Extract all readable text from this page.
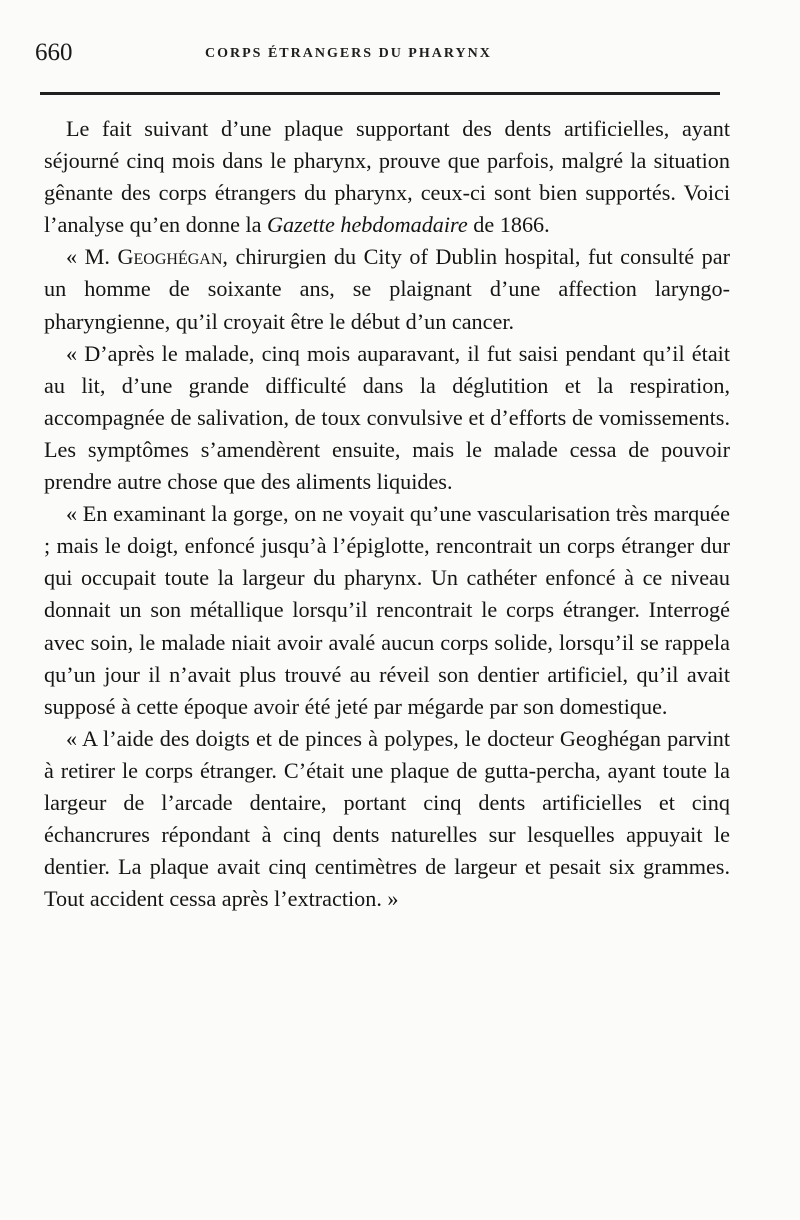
660	CORPS ÉTRANGERS DU PHARYNX

Le fait suivant d’une plaque supportant des dents artificielles, ayant séjourné cinq mois dans le pharynx, prouve que parfois, malgré la situation gênante des corps étrangers du pharynx, ceux-ci sont bien supportés. Voici l’analyse qu’en donne la Gazette hebdomadaire de 1866.

« M. Geoghégan, chirurgien du City of Dublin hospital, fut consulté par un homme de soixante ans, se plaignant d’une affection laryngo-pharyngienne, qu’il croyait être le début d’un cancer.

« D’après le malade, cinq mois auparavant, il fut saisi pendant qu’il était au lit, d’une grande difficulté dans la déglutition et la respiration, accompagnée de salivation, de toux convulsive et d’efforts de vomissements. Les symptômes s’amendèrent ensuite, mais le malade cessa de pouvoir prendre autre chose que des aliments liquides.

« En examinant la gorge, on ne voyait qu’une vascularisation très marquée ; mais le doigt, enfoncé jusqu’à l’épiglotte, rencontrait un corps étranger dur qui occupait toute la largeur du pharynx. Un cathéter enfoncé à ce niveau donnait un son métallique lorsqu’il rencontrait le corps étranger. Interrogé avec soin, le malade niait avoir avalé aucun corps solide, lorsqu’il se rappela qu’un jour il n’avait plus trouvé au réveil son dentier artificiel, qu’il avait supposé à cette époque avoir été jeté par mégarde par son domestique.

« A l’aide des doigts et de pinces à polypes, le docteur Geoghégan parvint à retirer le corps étranger. C’était une plaque de gutta-percha, ayant toute la largeur de l’arcade dentaire, portant cinq dents artificielles et cinq échancrures répondant à cinq dents naturelles sur lesquelles appuyait le dentier. La plaque avait cinq centimètres de largeur et pesait six grammes. Tout accident cessa après l’extraction. »
